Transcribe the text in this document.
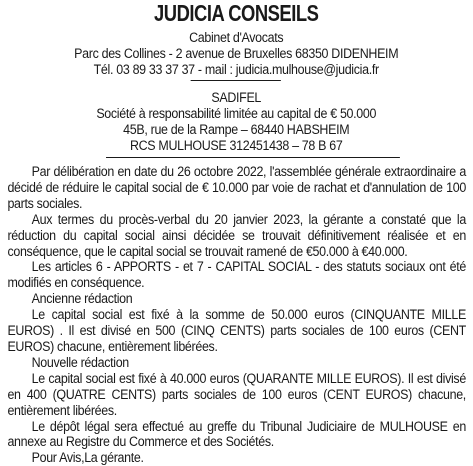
JUDICIA CONSEILS
Cabinet d'Avocats
Parc des Collines - 2 avenue de Bruxelles 68350 DIDENHEIM
Tél. 03 89 33 37 37 - mail : judicia.mulhouse@judicia.fr
SADIFEL
Société à responsabilité limitée au capital de € 50.000
45B, rue de la Rampe – 68440 HABSHEIM
RCS MULHOUSE 312451438 – 78 B 67

Par délibération en date du 26 octobre 2022, l'assemblée générale extraordinaire a décidé de réduire le capital social de € 10.000 par voie de rachat et d'annulation de 100 parts sociales.

Aux termes du procès-verbal du 20 janvier 2023, la gérante a constaté que la réduction du capital social ainsi décidée se trouvait définitivement réalisée et en conséquence, que le capital social se trouvait ramené de €50.000 à €40.000.

Les articles 6 - APPORTS - et 7 - CAPITAL SOCIAL - des statuts sociaux ont été modifiés en conséquence.

Ancienne rédaction

Le capital social est fixé à la somme de 50.000 euros (CINQUANTE MILLE EUROS) . Il est divisé en 500 (CINQ CENTS) parts sociales de 100 euros (CENT EUROS) chacune, entièrement libérées.

Nouvelle rédaction

Le capital social est fixé à 40.000 euros (QUARANTE MILLE EUROS). Il est divisé en 400 (QUATRE CENTS) parts sociales de 100 euros (CENT EUROS) chacune, entièrement libérées.

Le dépôt légal sera effectué au greffe du Tribunal Judiciaire de MULHOUSE en annexe au Registre du Commerce et des Sociétés.

Pour Avis,La gérante.
